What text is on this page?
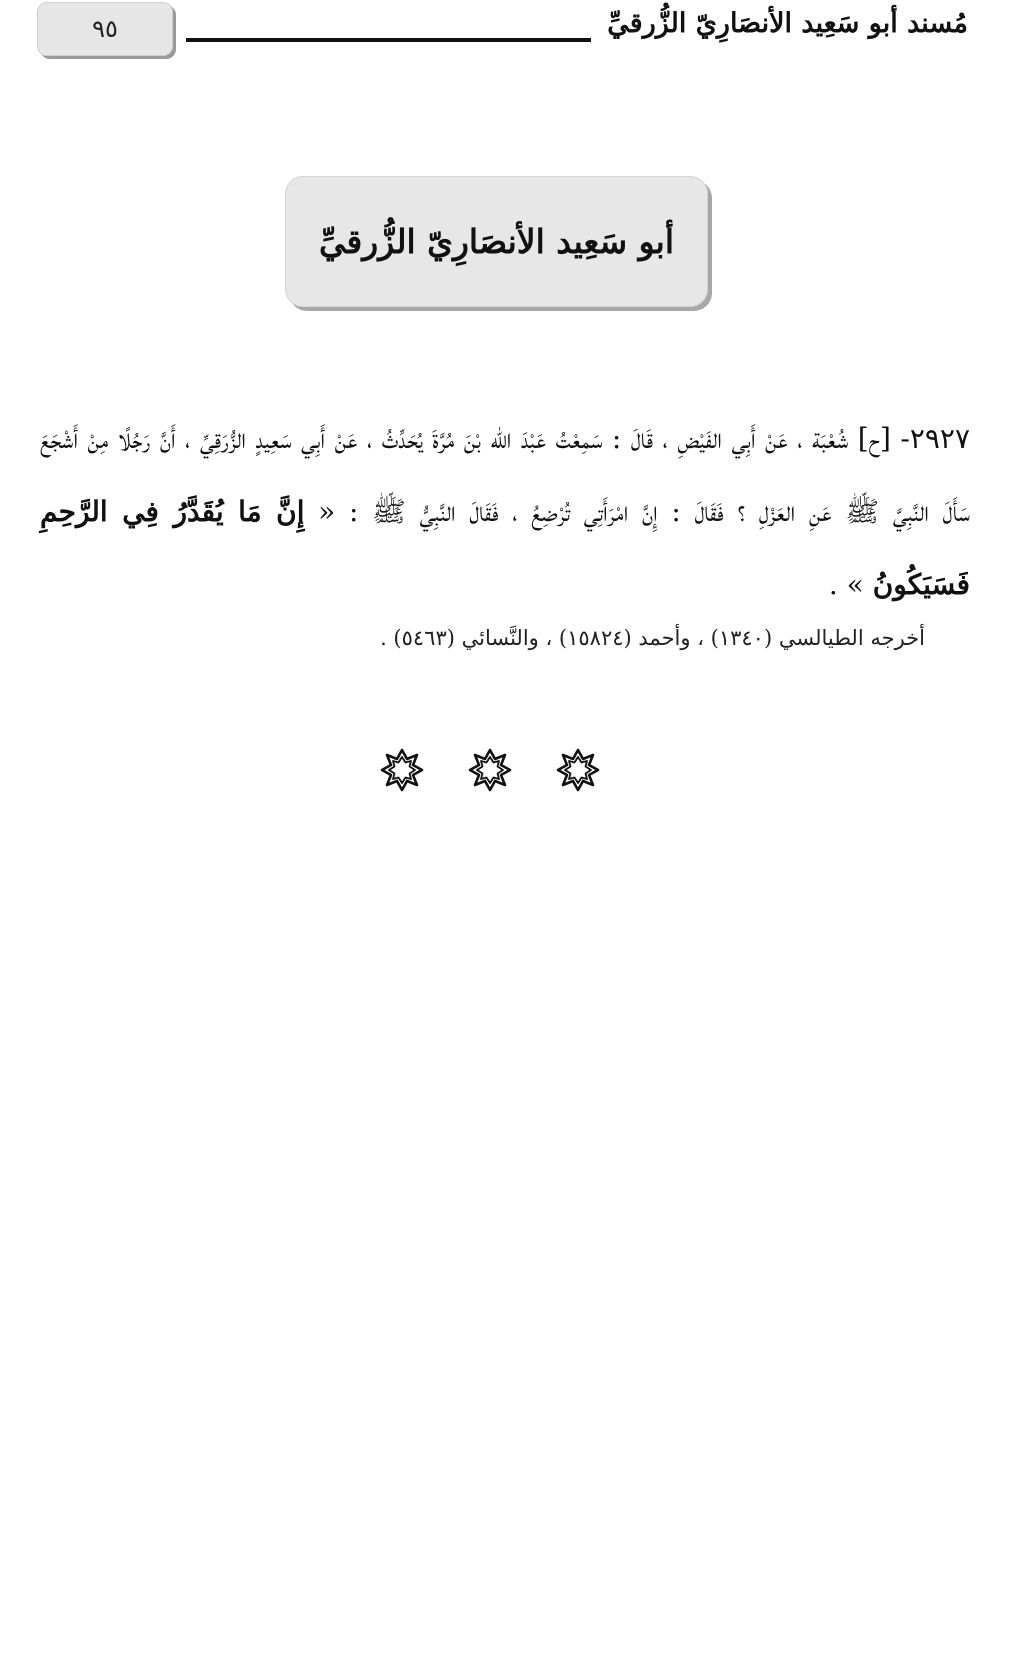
٩٥	مُسند أبو سَعِيد الأنصَارِيّ الزُّرقيِّ
أبو سَعِيد الأنصَارِيّ الزُّرقيِّ

٢٩٢٧- [ح] شُعْبَة ، عَنْ أَبِي الفَيْضِ ، قَالَ : سَمِعْتُ عَبْدَ الله بْنَ مُرَّةَ يُحَدِّثُ ، عَنْ أَبِي سَعِيدٍ الزُّرَقِيِّ ، أَنَّ رَجُلًا مِنْ أَشْجَعَ سَأَلَ النَّبِيَّ ﷺ عَنِ العَزْلِ ؟ فَقَالَ : إِنَّ امْرَأَتِي تُرْضِعُ ، فَقَالَ النَّبِيُّ ﷺ : « إِنَّ مَا يُقَدَّرُ فِي الرَّحِمِ فَسَيَكُونُ » .

أخرجه الطيالسي (١٣٤٠) ، وأحمد (١٥٨٢٤) ، والنَّسائي (٥٤٦٣) .
